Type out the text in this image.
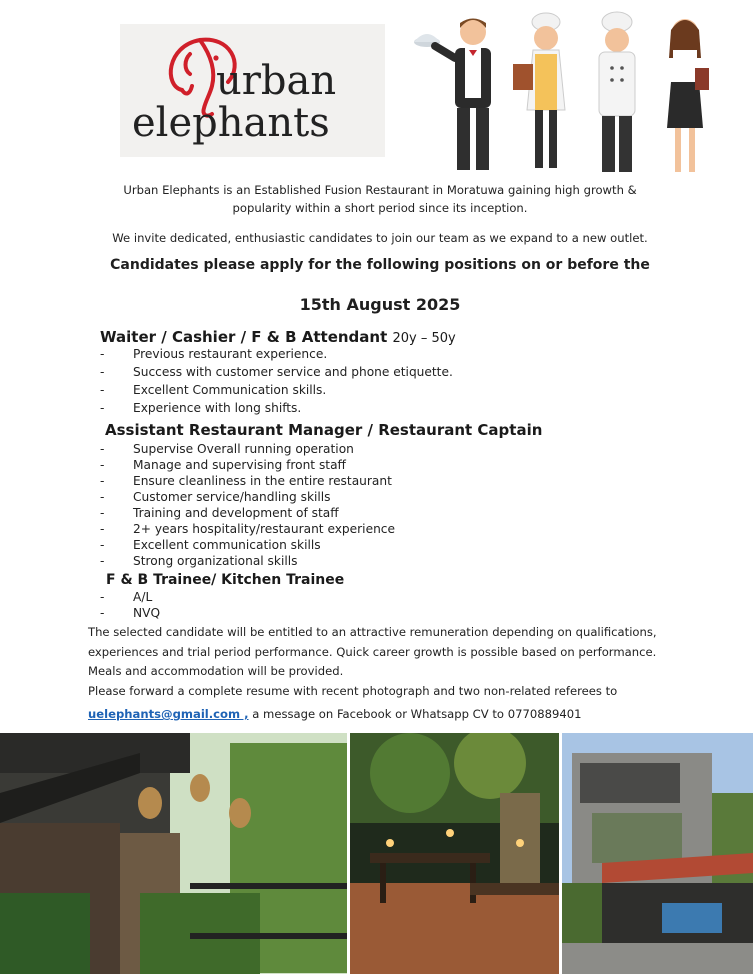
urban
elephants
Urban Elephants is an Established Fusion Restaurant in Moratuwa gaining high growth &
popularity within a short period since its inception.
We invite dedicated, enthusiastic candidates to join our team as we expand to a new outlet.
Candidates please apply for the following positions on or before the
15th August 2025
Waiter / Cashier / F & B Attendant 20y – 50y
- Previous restaurant experience.
- Success with customer service and phone etiquette.
- Excellent Communication skills.
- Experience with long shifts.
Assistant Restaurant Manager / Restaurant Captain
- Supervise Overall running operation
- Manage and supervising front staff
- Ensure cleanliness in the entire restaurant
- Customer service/handling skills
- Training and development of staff
- 2+ years hospitality/restaurant experience
- Excellent communication skills
- Strong organizational skills
F & B Trainee/ Kitchen Trainee
- A/L
- NVQ
The selected candidate will be entitled to an attractive remuneration depending on qualifications, experiences and trial period performance. Quick career growth is possible based on performance. Meals and accommodation will be provided.
Please forward a complete resume with recent photograph and two non-related referees to
uelephants@gmail.com , a message on Facebook or Whatsapp CV to 0770889401
